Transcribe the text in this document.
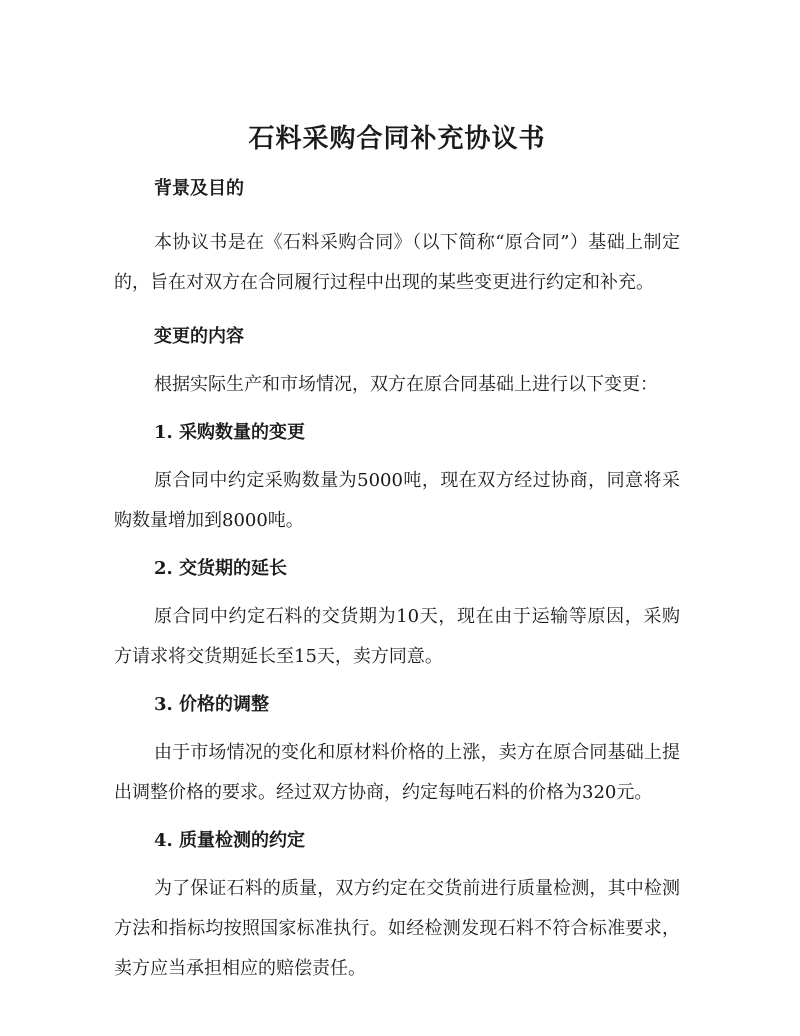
石料采购合同补充协议书
背景及目的

本协议书是在《石料采购合同》（以下简称“原合同”）基础上制定的，旨在对双方在合同履行过程中出现的某些变更进行约定和补充。

变更的内容

根据实际生产和市场情况，双方在原合同基础上进行以下变更：

1. 采购数量的变更

原合同中约定采购数量为5000吨，现在双方经过协商，同意将采购数量增加到8000吨。

2. 交货期的延长

原合同中约定石料的交货期为10天，现在由于运输等原因，采购方请求将交货期延长至15天，卖方同意。

3. 价格的调整

由于市场情况的变化和原材料价格的上涨，卖方在原合同基础上提出调整价格的要求。经过双方协商，约定每吨石料的价格为320元。

4. 质量检测的约定

为了保证石料的质量，双方约定在交货前进行质量检测，其中检测方法和指标均按照国家标准执行。如经检测发现石料不符合标准要求，卖方应当承担相应的赔偿责任。
